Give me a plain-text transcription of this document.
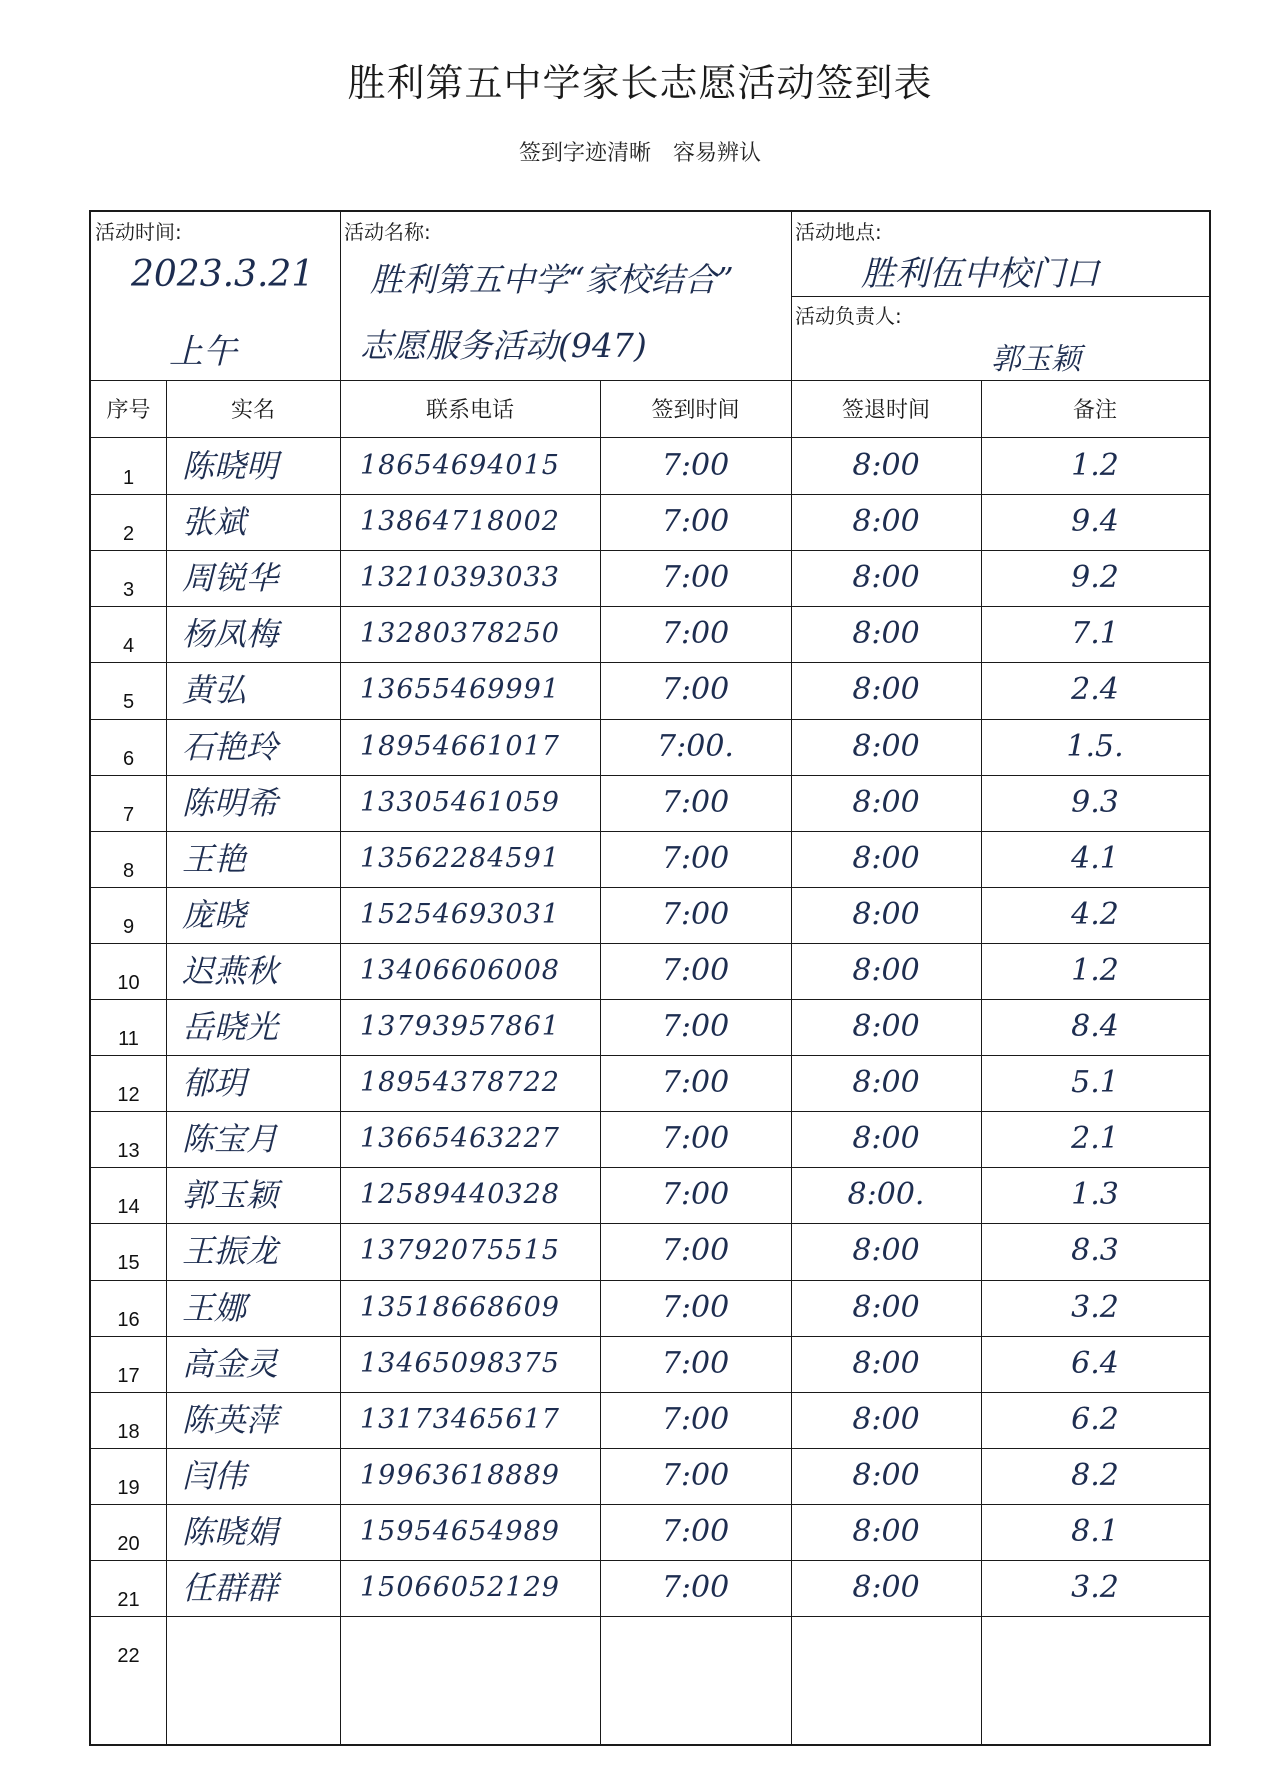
胜利第五中学家长志愿活动签到表
签到字迹清晰　容易辨认
活动时间:
2023.3.21
上午
活动名称:
胜利第五中学“家校结合”
志愿服务活动(947)
活动地点:
胜利伍中校门口
活动负责人:
郭玉颖
序号	实名	联系电话	签到时间	签退时间	备注
1	陈晓明	18654694015	7:00	8:00	1.2
2	张斌	13864718002	7:00	8:00	9.4
3	周锐华	13210393033	7:00	8:00	9.2
4	杨凤梅	13280378250	7:00	8:00	7.1
5	黄弘	13655469991	7:00	8:00	2.4
6	石艳玲	18954661017	7:00.	8:00	1.5.
7	陈明希	13305461059	7:00	8:00	9.3
8	王艳	13562284591	7:00	8:00	4.1
9	庞晓	15254693031	7:00	8:00	4.2
10	迟燕秋	13406606008	7:00	8:00	1.2
11	岳晓光	13793957861	7:00	8:00	8.4
12	郁玥	18954378722	7:00	8:00	5.1
13	陈宝月	13665463227	7:00	8:00	2.1
14	郭玉颖	12589440328	7:00	8:00.	1.3
15	王振龙	13792075515	7:00	8:00	8.3
16	王娜	13518668609	7:00	8:00	3.2
17	高金灵	13465098375	7:00	8:00	6.4
18	陈英萍	13173465617	7:00	8:00	6.2
19	闫伟	19963618889	7:00	8:00	8.2
20	陈晓娟	15954654989	7:00	8:00	8.1
21	任群群	15066052129	7:00	8:00	3.2
22
